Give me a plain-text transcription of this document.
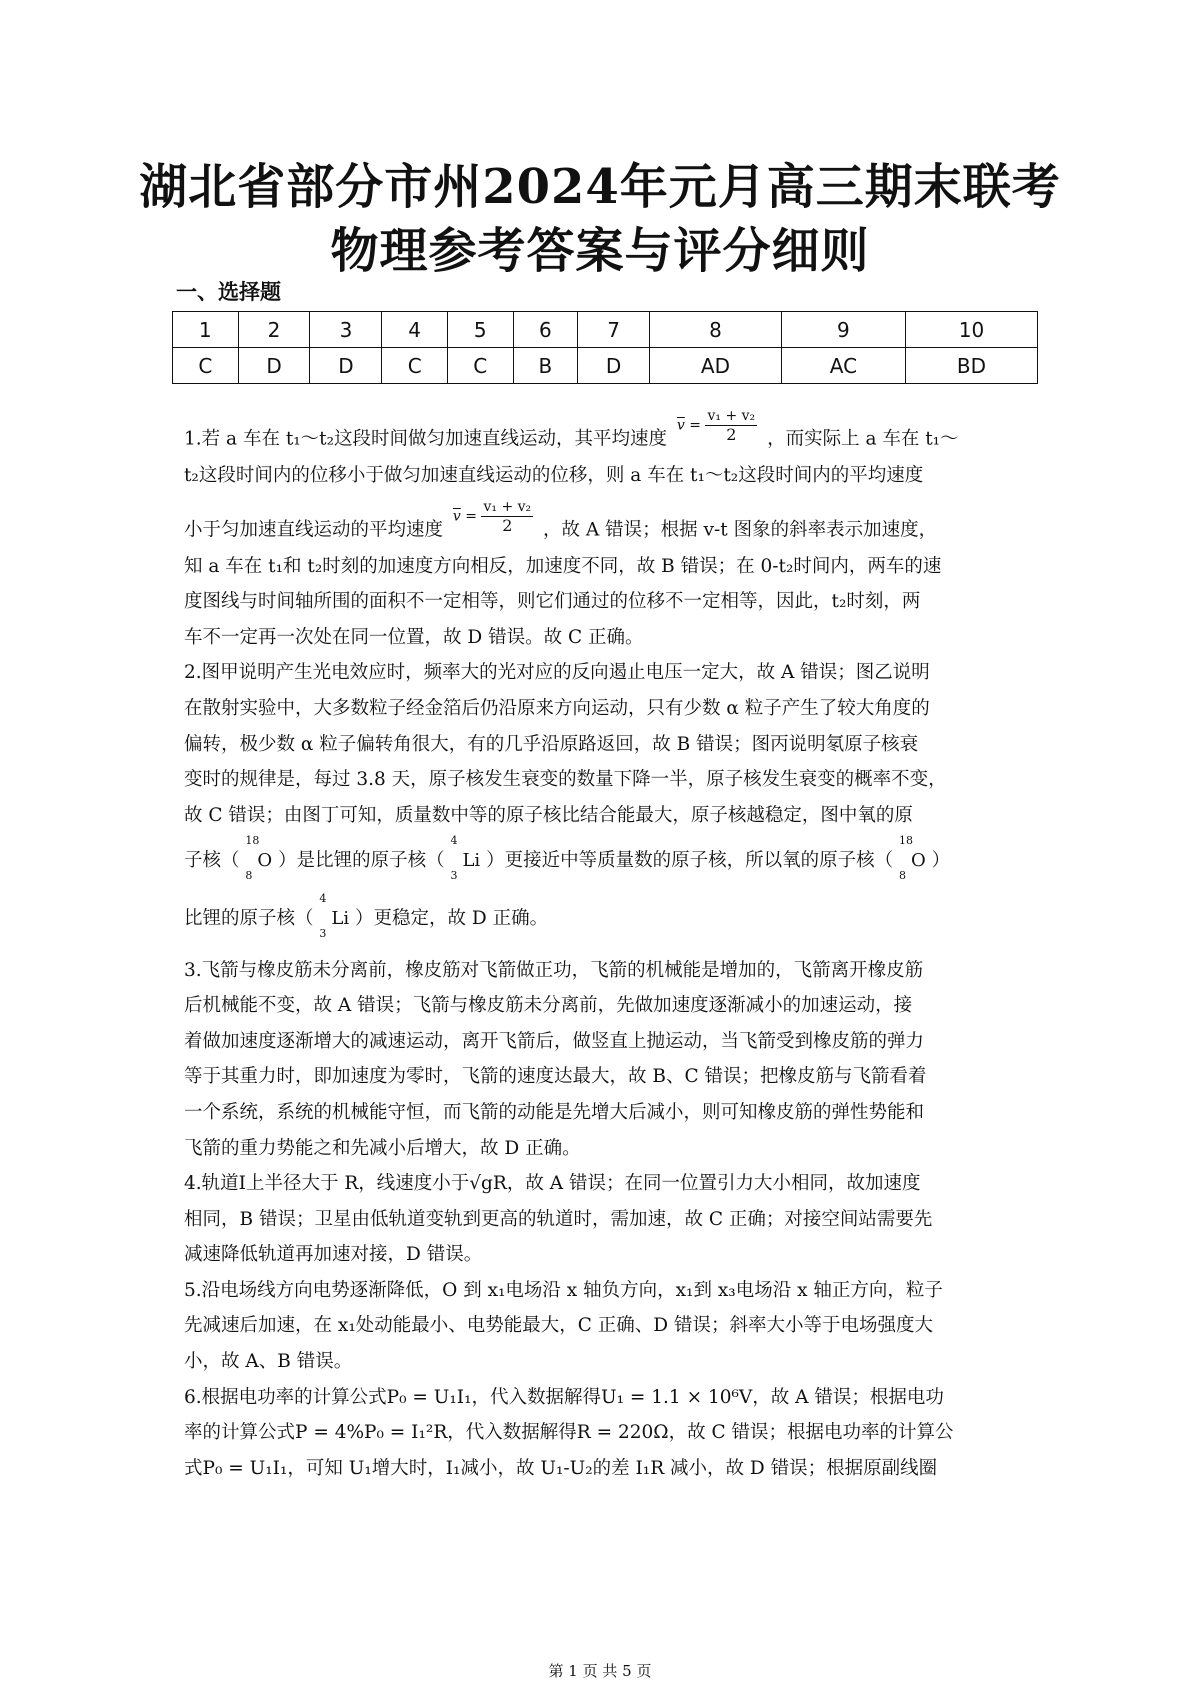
湖北省部分市州2024年元月高三期末联考
物理参考答案与评分细则
一、选择题
1	2	3	4	5	6	7	8	9	10
C	D	D	C	C	B	D	AD	AC	BD
1.若 a 车在 t₁～t₂这段时间做匀加速直线运动，其平均速度 $\overline{v} = \frac{\text{v₁ + v₂}}{2}$ ，而实际上 a 车在 t₁～
t₂这段时间内的位移小于做匀加速直线运动的位移，则 a 车在 t₁～t₂这段时间内的平均速度
小于匀加速直线运动的平均速度 $\overline{v} = \frac{\text{v₁ + v₂}}{2}$ ，故 A 错误；根据 v-t 图象的斜率表示加速度，
知 a 车在 t₁和 t₂时刻的加速度方向相反，加速度不同，故 B 错误；在 0-t₂时间内，两车的速
度图线与时间轴所围的面积不一定相等，则它们通过的位移不一定相等，因此，t₂时刻，两
车不一定再一次处在同一位置，故 D 错误。故 C 正确。
2.图甲说明产生光电效应时，频率大的光对应的反向遏止电压一定大，故 A 错误；图乙说明
在散射实验中，大多数粒子经金箔后仍沿原来方向运动，只有少数 α 粒子产生了较大角度的
偏转，极少数 α 粒子偏转角很大，有的几乎沿原路返回，故 B 错误；图丙说明氡原子核衰
变时的规律是，每过 3.8 天，原子核发生衰变的数量下降一半，原子核发生衰变的概率不变，
故 C 错误；由图丁可知，质量数中等的原子核比结合能最大，原子核越稳定，图中氧的原
子核（
18
8
O ）是比锂的原子核（
4
3
Li ）更接近中等质量数的原子核，所以氧的原子核（
18
8
O ）
比锂的原子核（
4
3
Li ）更稳定，故 D 正确。
3.飞箭与橡皮筋未分离前，橡皮筋对飞箭做正功，飞箭的机械能是增加的，飞箭离开橡皮筋
后机械能不变，故 A 错误；飞箭与橡皮筋未分离前，先做加速度逐渐减小的加速运动，接
着做加速度逐渐增大的减速运动，离开飞箭后，做竖直上抛运动，当飞箭受到橡皮筋的弹力
等于其重力时，即加速度为零时，飞箭的速度达最大，故 B、C 错误；把橡皮筋与飞箭看着
一个系统，系统的机械能守恒，而飞箭的动能是先增大后减小，则可知橡皮筋的弹性势能和
飞箭的重力势能之和先减小后增大，故 D 正确。
4.轨道Ⅰ上半径大于 R，线速度小于√gR，故 A 错误；在同一位置引力大小相同，故加速度
相同，B 错误；卫星由低轨道变轨到更高的轨道时，需加速，故 C 正确；对接空间站需要先
减速降低轨道再加速对接，D 错误。
5.沿电场线方向电势逐渐降低，O 到 x₁电场沿 x 轴负方向，x₁到 x₃电场沿 x 轴正方向，粒子
先减速后加速，在 x₁处动能最小、电势能最大，C 正确、D 错误；斜率大小等于电场强度大
小，故 A、B 错误。
6.根据电功率的计算公式P₀ = U₁I₁，代入数据解得U₁ = 1.1 × 10⁶V，故 A 错误；根据电功
率的计算公式P = 4%P₀ = I₁²R，代入数据解得R = 220Ω，故 C 错误；根据电功率的计算公
式P₀ = U₁I₁，可知 U₁增大时，I₁减小，故 U₁-U₂的差 I₁R 减小，故 D 错误；根据原副线圈
第 1 页 共 5 页
